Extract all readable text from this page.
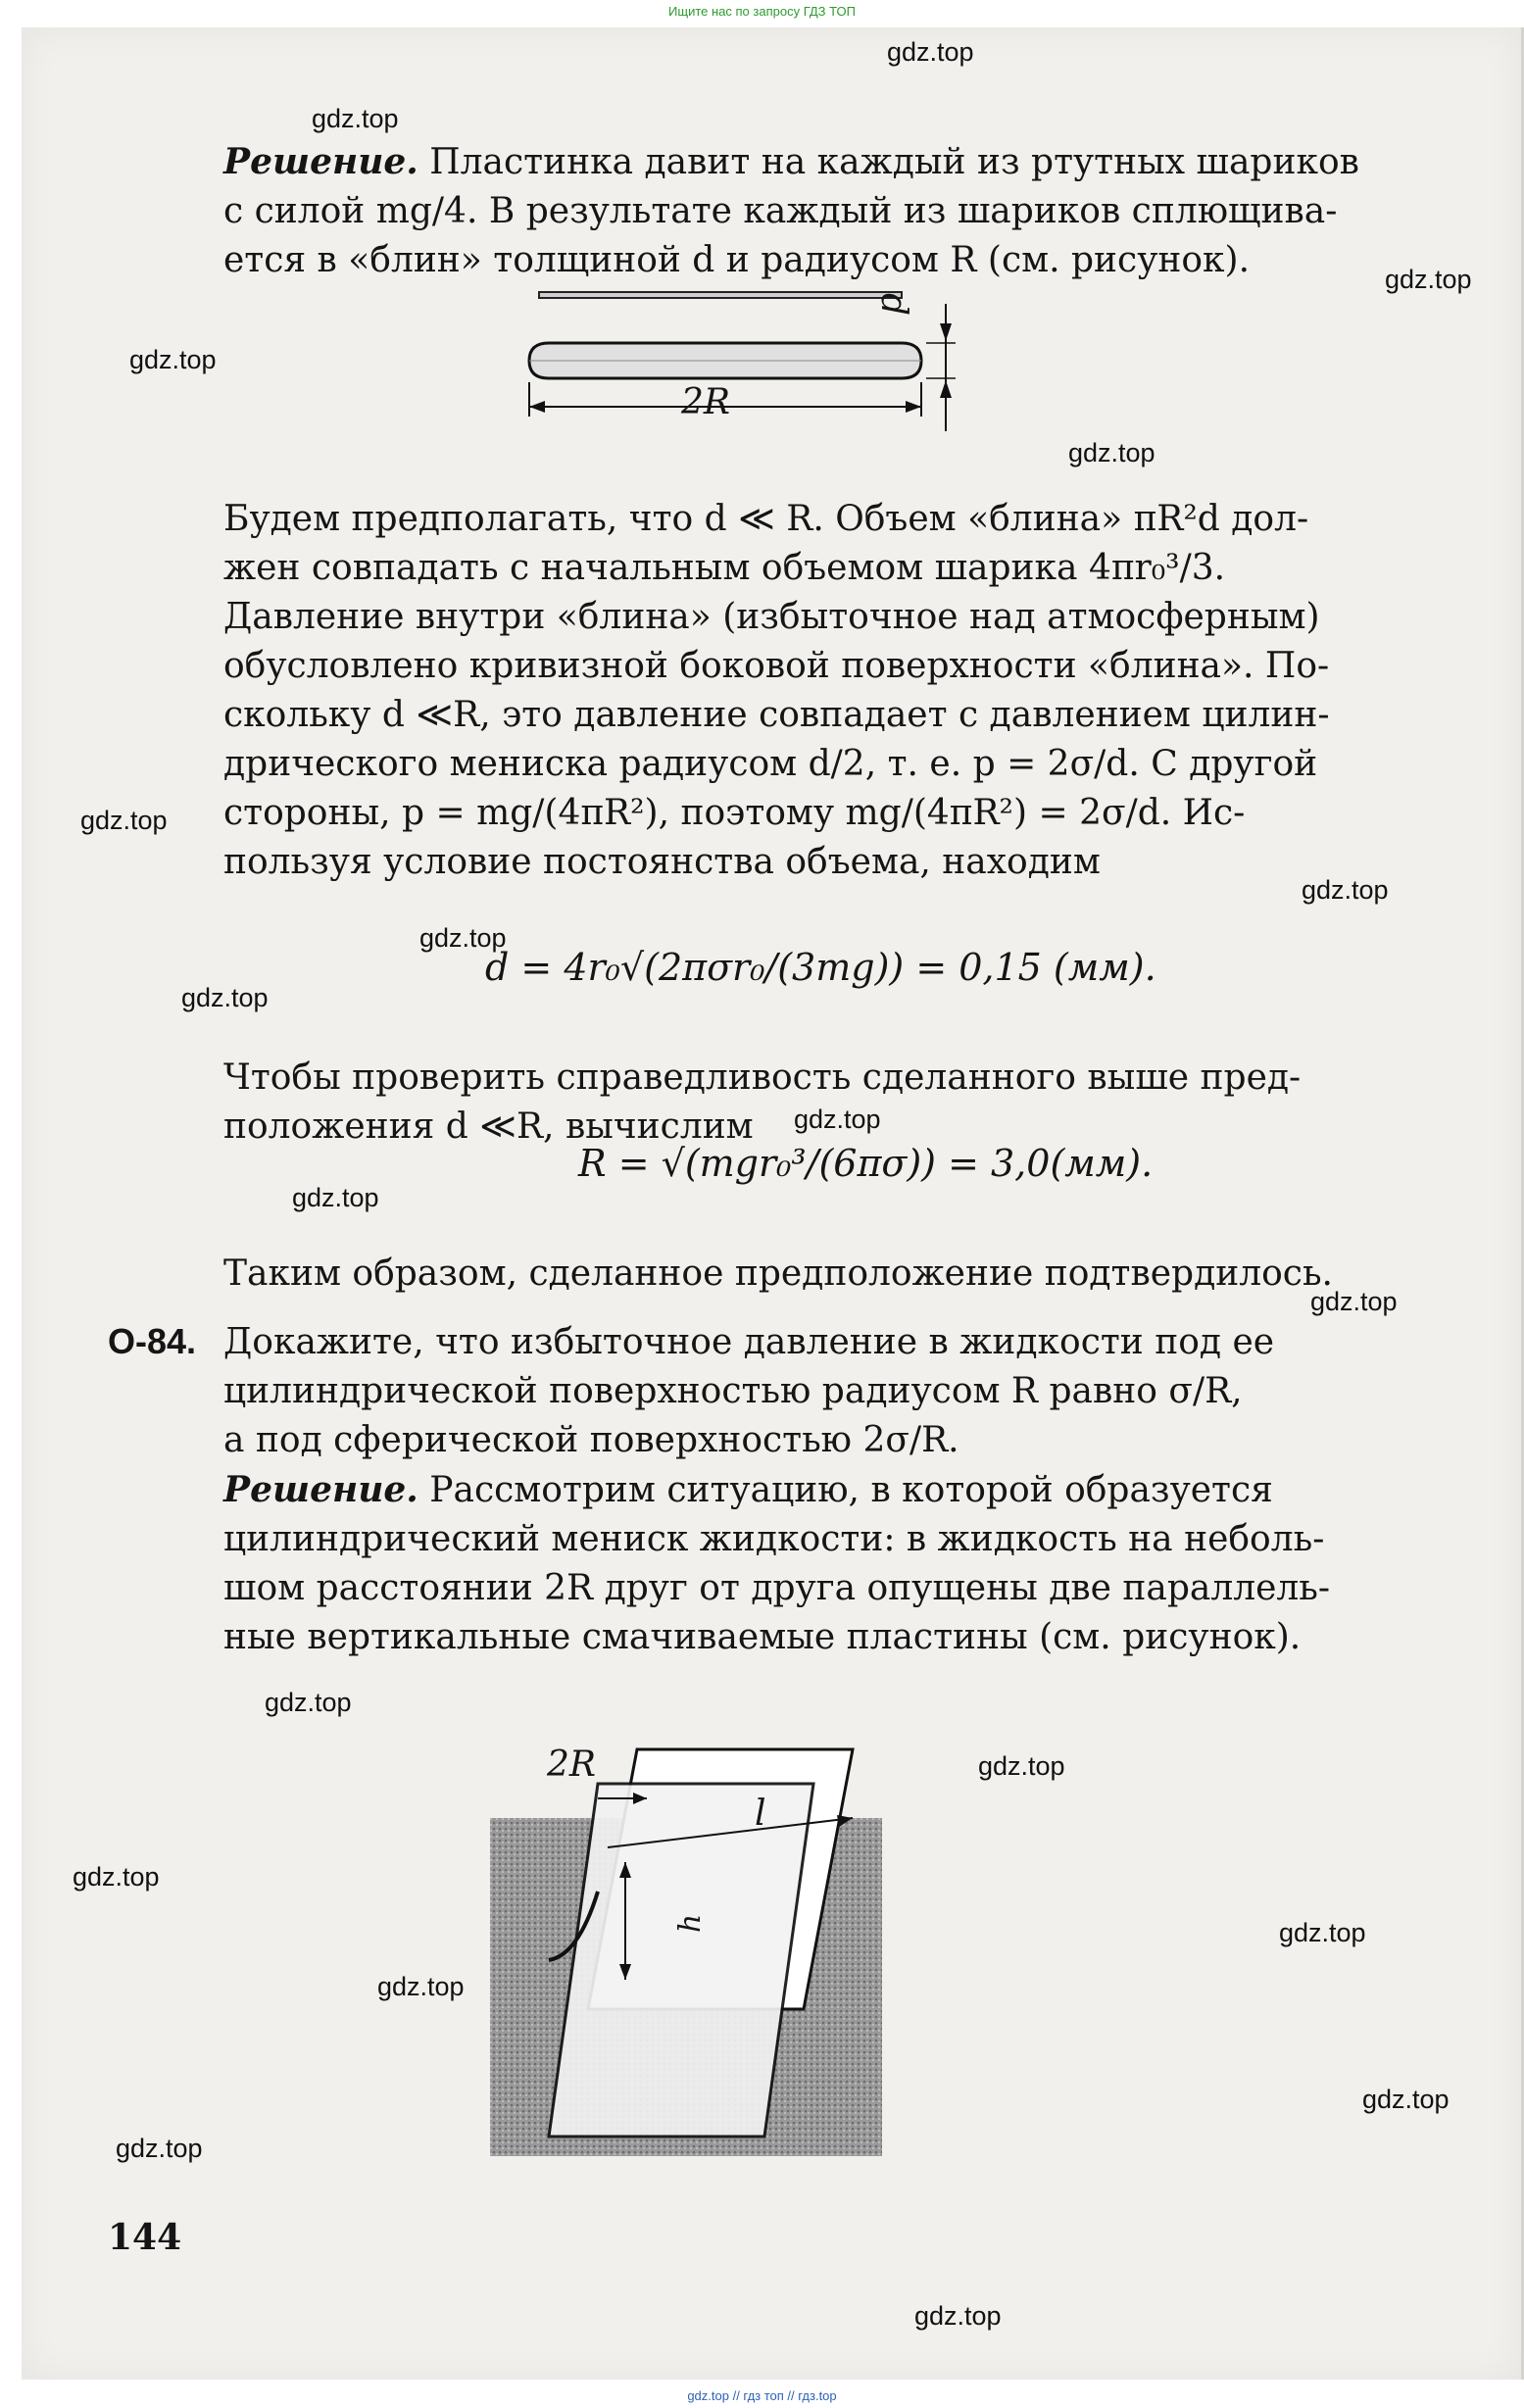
Ищите нас по запросу ГДЗ ТОП
Решение. Пластинка давит на каждый из ртутных шариков
с силой mg/4. В результате каждый из шариков сплющива-
ется в «блин» толщиной d и радиусом R (см. рисунок).
2R
d
Будем предполагать, что d ≪ R. Объем «блина» πR²d дол-
жен совпадать с начальным объемом шарика 4πr₀³/3.
Давление внутри «блина» (избыточное над атмосферным)
обусловлено кривизной боковой поверхности «блина». По-
скольку d ≪R, это давление совпадает с давлением цилин-
дрического мениска радиусом d/2, т. е. p = 2σ/d. С другой
стороны, p = mg/(4πR²), поэтому mg/(4πR²) = 2σ/d. Ис-
пользуя условие постоянства объема, находим
d = 4r₀√(2πσr₀/(3mg)) = 0,15 (мм).
Чтобы проверить справедливость сделанного выше пред-
положения d ≪R, вычислим
R = √(mgr₀³/(6πσ)) = 3,0(мм).
Таким образом, сделанное предположение подтвердилось.
О-84. Докажите, что избыточное давление в жидкости под ее
цилиндрической поверхностью радиусом R равно σ/R,
а под сферической поверхностью 2σ/R.
Решение. Рассмотрим ситуацию, в которой образуется
цилиндрический мениск жидкости: в жидкость на неболь-
шом расстоянии 2R друг от друга опущены две параллель-
ные вертикальные смачиваемые пластины (см. рисунок).
2R
l
h
144
gdz.top
gdz.top
gdz.top
gdz.top
gdz.top
gdz.top
gdz.top
gdz.top
gdz.top
gdz.top
gdz.top
gdz.top
gdz.top
gdz.top
gdz.top
gdz.top
gdz.top
gdz.top
gdz.top
gdz.top
gdz.top // гдз топ // гдз.top
